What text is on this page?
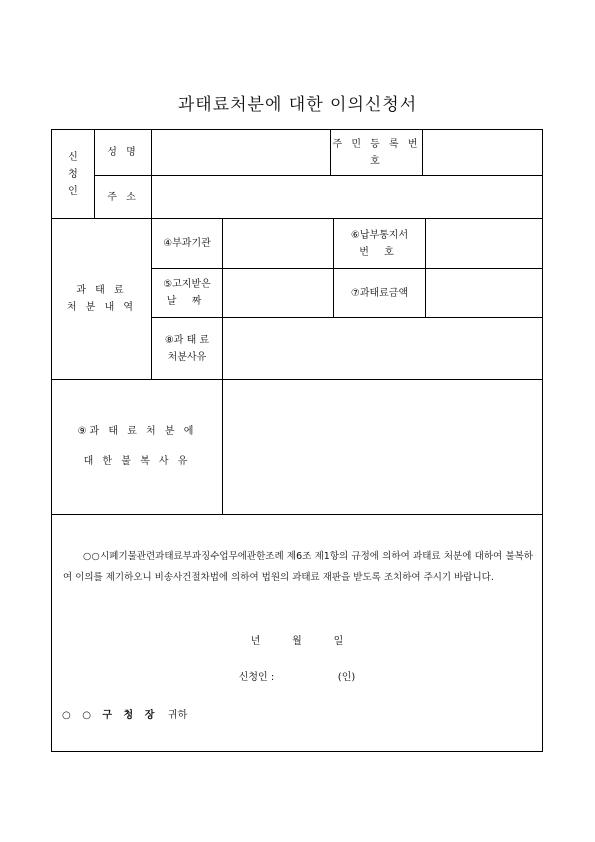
과태료처분에 대한 이의신청서
신
청
인
성 명
주 민 등 록 번
호
주 소
과 태 료
처 분 내 역
④부과기관
⑥납부통지서
번 호
⑤고지받은
날 짜
⑦과태료금액
⑧과 태 료
처분사유
⑨과 태 료 처 분 에
대 한 불 복 사 유
○○시폐기물관련과태료부과징수업무에관한조례 제6조 제1항의 규정에 의하여 과태료 처분에 대하여 불복하여 이의를 제기하오니 비송사건절차법에 의하여 법원의 과태료 재판을 받도록 조치하여 주시기 바랍니다.
년          월          일
신청인 :                    (인)
○ ○ 구 청 장 귀하
